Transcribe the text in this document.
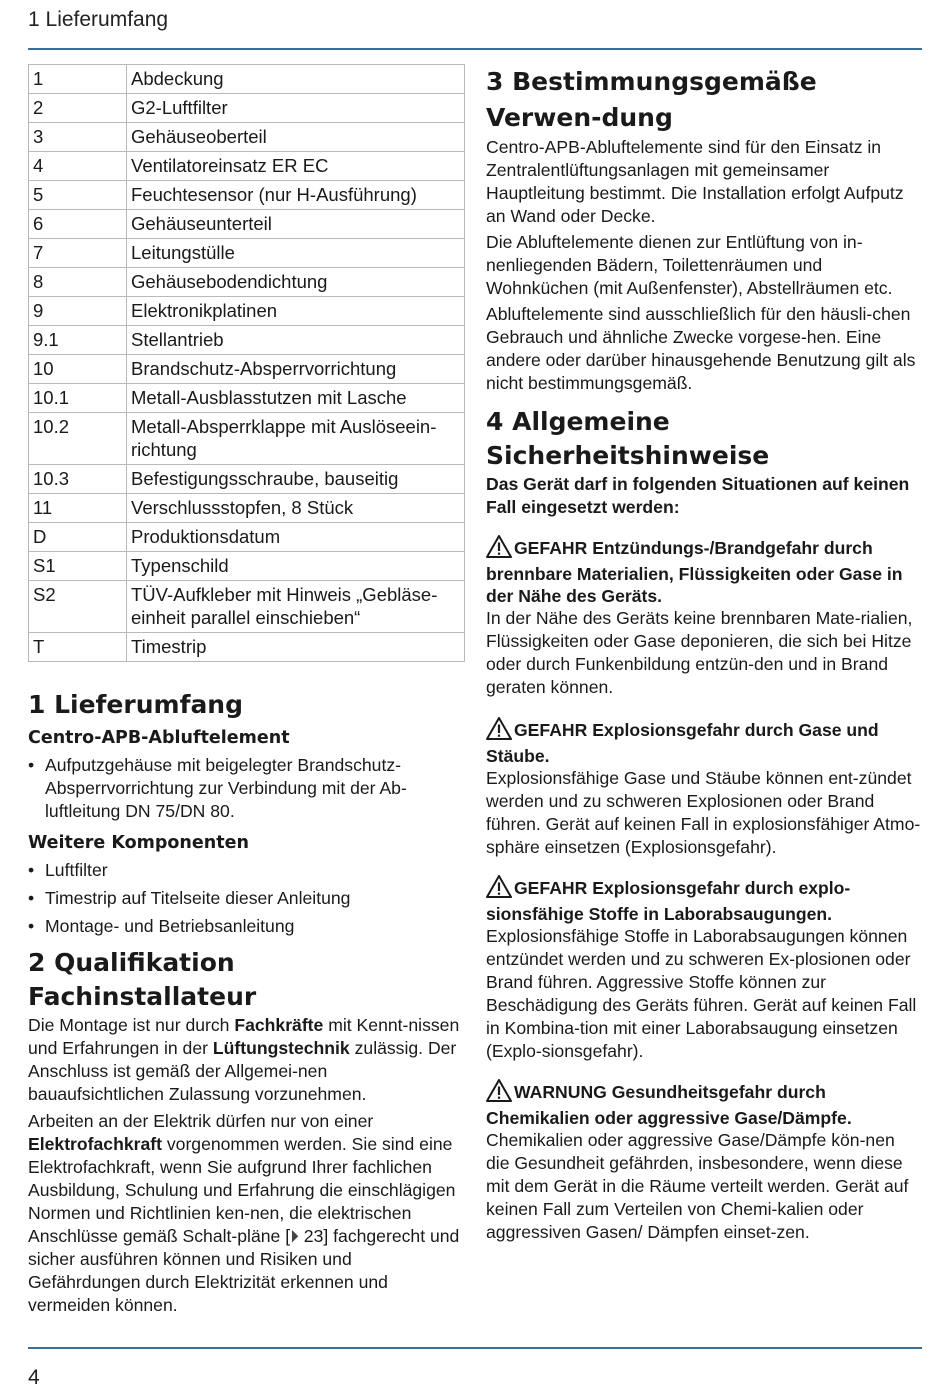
1 Lieferumfang
1	Abdeckung
2	G2-Luftfilter
3	Gehäuseoberteil
4	Ventilatoreinsatz ER EC
5	Feuchtesensor (nur H-Ausführung)
6	Gehäuseunterteil
7	Leitungstülle
8	Gehäusebodendichtung
9	Elektronikplatinen
9.1	Stellantrieb
10	Brandschutz-Absperrvorrichtung
10.1	Metall-Ausblasstutzen mit Lasche
10.2	Metall-Absperrklappe mit Auslöseein-richtung
10.3	Befestigungsschraube, bauseitig
11	Verschlussstopfen, 8 Stück
D	Produktionsdatum
S1	Typenschild
S2	TÜV-Aufkleber mit Hinweis „Gebläse-einheit parallel einschieben“
T	Timestrip
1 Lieferumfang
Centro-APB-Abluftelement
• Aufputzgehäuse mit beigelegter Brandschutz-Absperrvorrichtung zur Verbindung mit der Ab-luftleitung DN 75/DN 80.
Weitere Komponenten
• Luftfilter
• Timestrip auf Titelseite dieser Anleitung
• Montage- und Betriebsanleitung
2 Qualifikation Fachinstallateur

Die Montage ist nur durch Fachkräfte mit Kennt-nissen und Erfahrungen in der Lüftungstechnik zulässig. Der Anschluss ist gemäß der Allgemei-nen bauaufsichtlichen Zulassung vorzunehmen.

Arbeiten an der Elektrik dürfen nur von einer Elektrofachkraft vorgenommen werden. Sie sind eine Elektrofachkraft, wenn Sie aufgrund Ihrer fachlichen Ausbildung, Schulung und Erfahrung die einschlägigen Normen und Richtlinien ken-nen, die elektrischen Anschlüsse gemäß Schalt-pläne [⏵ 23] fachgerecht und sicher ausführen können und Risiken und Gefährdungen durch Elektrizität erkennen und vermeiden können.

3 Bestimmungsgemäße Verwen-dung

Centro-APB-Abluftelemente sind für den Einsatz in Zentralentlüftungsanlagen mit gemeinsamer Hauptleitung bestimmt. Die Installation erfolgt Aufputz an Wand oder Decke.

Die Abluftelemente dienen zur Entlüftung von in-nenliegenden Bädern, Toilettenräumen und Wohnküchen (mit Außenfenster), Abstellräumen etc.

Abluftelemente sind ausschließlich für den häusli-chen Gebrauch und ähnliche Zwecke vorgese-hen. Eine andere oder darüber hinausgehende Benutzung gilt als nicht bestimmungsgemäß.

4 Allgemeine Sicherheitshinweise

Das Gerät darf in folgenden Situationen auf keinen Fall eingesetzt werden:

GEFAHR Entzündungs-/Brandgefahr durch brennbare Materialien, Flüssigkeiten oder Gase in der Nähe des Geräts.

In der Nähe des Geräts keine brennbaren Mate-rialien, Flüssigkeiten oder Gase deponieren, die sich bei Hitze oder durch Funkenbildung entzün-den und in Brand geraten können.

GEFAHR Explosionsgefahr durch Gase und Stäube.

Explosionsfähige Gase und Stäube können ent-zündet werden und zu schweren Explosionen oder Brand führen. Gerät auf keinen Fall in explosionsfähiger Atmo-sphäre einsetzen (Explosionsgefahr).

GEFAHR Explosionsgefahr durch explo-sionsfähige Stoffe in Laborabsaugungen.

Explosionsfähige Stoffe in Laborabsaugungen können entzündet werden und zu schweren Ex-plosionen oder Brand führen. Aggressive Stoffe können zur Beschädigung des Geräts führen. Gerät auf keinen Fall in Kombina-tion mit einer Laborabsaugung einsetzen (Explo-sionsgefahr).

WARNUNG Gesundheitsgefahr durch Chemikalien oder aggressive Gase/Dämpfe.

Chemikalien oder aggressive Gase/Dämpfe kön-nen die Gesundheit gefährden, insbesondere, wenn diese mit dem Gerät in die Räume verteilt werden. Gerät auf keinen Fall zum Verteilen von Chemi-kalien oder aggressiven Gasen/ Dämpfen einset-zen.

4
